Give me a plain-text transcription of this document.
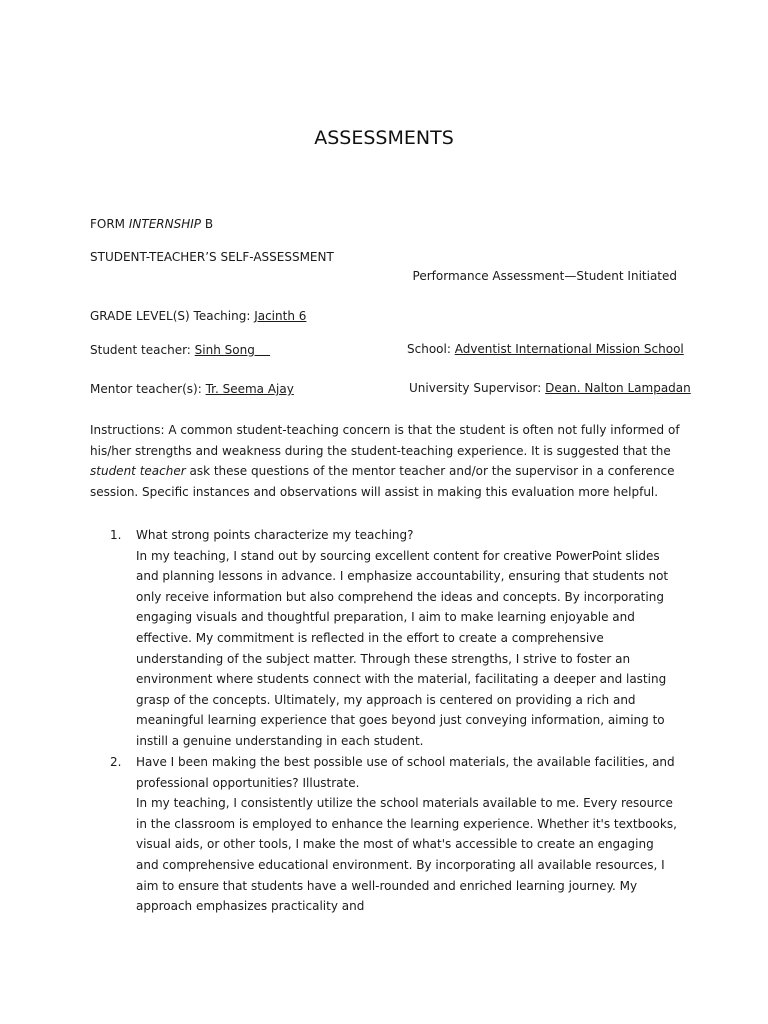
ASSESSMENTS
FORM INTERNSHIP B
STUDENT-TEACHER’S SELF-ASSESSMENT
Performance Assessment—Student Initiated
GRADE LEVEL(S) Teaching: Jacinth 6
Student teacher: Sinh Song	School: Adventist International Mission School
Mentor teacher(s): Tr. Seema Ajay	University Supervisor: Dean. Nalton Lampadan
Instructions: A common student-teaching concern is that the student is often not fully informed of his/her strengths and weakness during the student-teaching experience. It is suggested that the student teacher ask these questions of the mentor teacher and/or the supervisor in a conference session. Specific instances and observations will assist in making this evaluation more helpful.
1. What strong points characterize my teaching?
In my teaching, I stand out by sourcing excellent content for creative PowerPoint slides and planning lessons in advance. I emphasize accountability, ensuring that students not only receive information but also comprehend the ideas and concepts. By incorporating engaging visuals and thoughtful preparation, I aim to make learning enjoyable and effective. My commitment is reflected in the effort to create a comprehensive understanding of the subject matter. Through these strengths, I strive to foster an environment where students connect with the material, facilitating a deeper and lasting grasp of the concepts. Ultimately, my approach is centered on providing a rich and meaningful learning experience that goes beyond just conveying information, aiming to instill a genuine understanding in each student.
2. Have I been making the best possible use of school materials, the available facilities, and professional opportunities? Illustrate.
In my teaching, I consistently utilize the school materials available to me. Every resource in the classroom is employed to enhance the learning experience. Whether it's textbooks, visual aids, or other tools, I make the most of what's accessible to create an engaging and comprehensive educational environment. By incorporating all available resources, I aim to ensure that students have a well-rounded and enriched learning journey. My approach emphasizes practicality and
